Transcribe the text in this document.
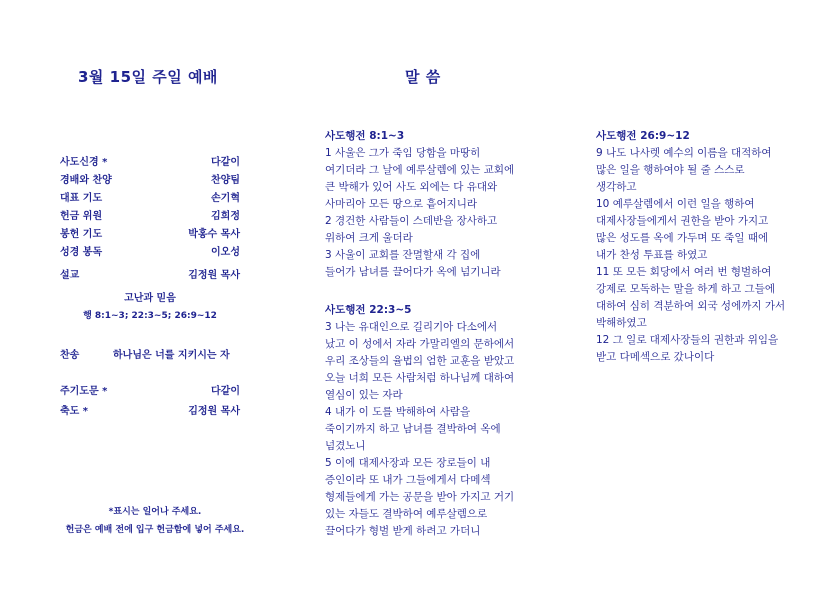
3월 15일 주일 예배	말 씀
사도신경 *	다같이
경배와 찬양	찬양팀
대표 기도	손기혁
헌금 위원	김희정
봉헌 기도	박홍수 목사
성경 봉독	이오성
설교	김정원 목사
고난과 믿음
행 8:1~3; 22:3~5; 26:9~12
찬송	하나님은 너를 지키시는 자
주기도문 *	다같이
축도 *	김정원 목사
*표시는 일어나 주세요.
헌금은 예배 전에 입구 헌금함에 넣어 주세요.
사도행전 8:1~3
1 사울은 그가 죽임 당함을 마땅히
여기더라 그 날에 예루살렘에 있는 교회에
큰 박해가 있어 사도 외에는 다 유대와
사마리아 모든 땅으로 흩어지니라
2 경건한 사람들이 스데반을 장사하고
위하여 크게 울더라
3 사울이 교회를 잔멸할새 각 집에
들어가 남녀를 끌어다가 옥에 넘기니라
사도행전 22:3~5
3 나는 유대인으로 길리기아 다소에서
났고 이 성에서 자라 가말리엘의 문하에서
우리 조상들의 율법의 엄한 교훈을 받았고
오늘 너희 모든 사람처럼 하나님께 대하여
열심이 있는 자라
4 내가 이 도를 박해하여 사람을
죽이기까지 하고 남녀를 결박하여 옥에
넘겼노니
5 이에 대제사장과 모든 장로들이 내
증인이라 또 내가 그들에게서 다메섹
형제들에게 가는 공문을 받아 가지고 거기
있는 자들도 결박하여 예루살렘으로
끌어다가 형벌 받게 하려고 가더니
사도행전 26:9~12
9 나도 나사렛 예수의 이름을 대적하여
많은 일을 행하여야 될 줄 스스로
생각하고
10 예루살렘에서 이런 일을 행하여
대제사장들에게서 권한을 받아 가지고
많은 성도를 옥에 가두며 또 죽일 때에
내가 찬성 투표를 하였고
11 또 모든 회당에서 여러 번 형벌하여
강제로 모독하는 말을 하게 하고 그들에
대하여 심히 격분하여 외국 성에까지 가서
박해하였고
12 그 일로 대제사장들의 권한과 위임을
받고 다메섹으로 갔나이다
